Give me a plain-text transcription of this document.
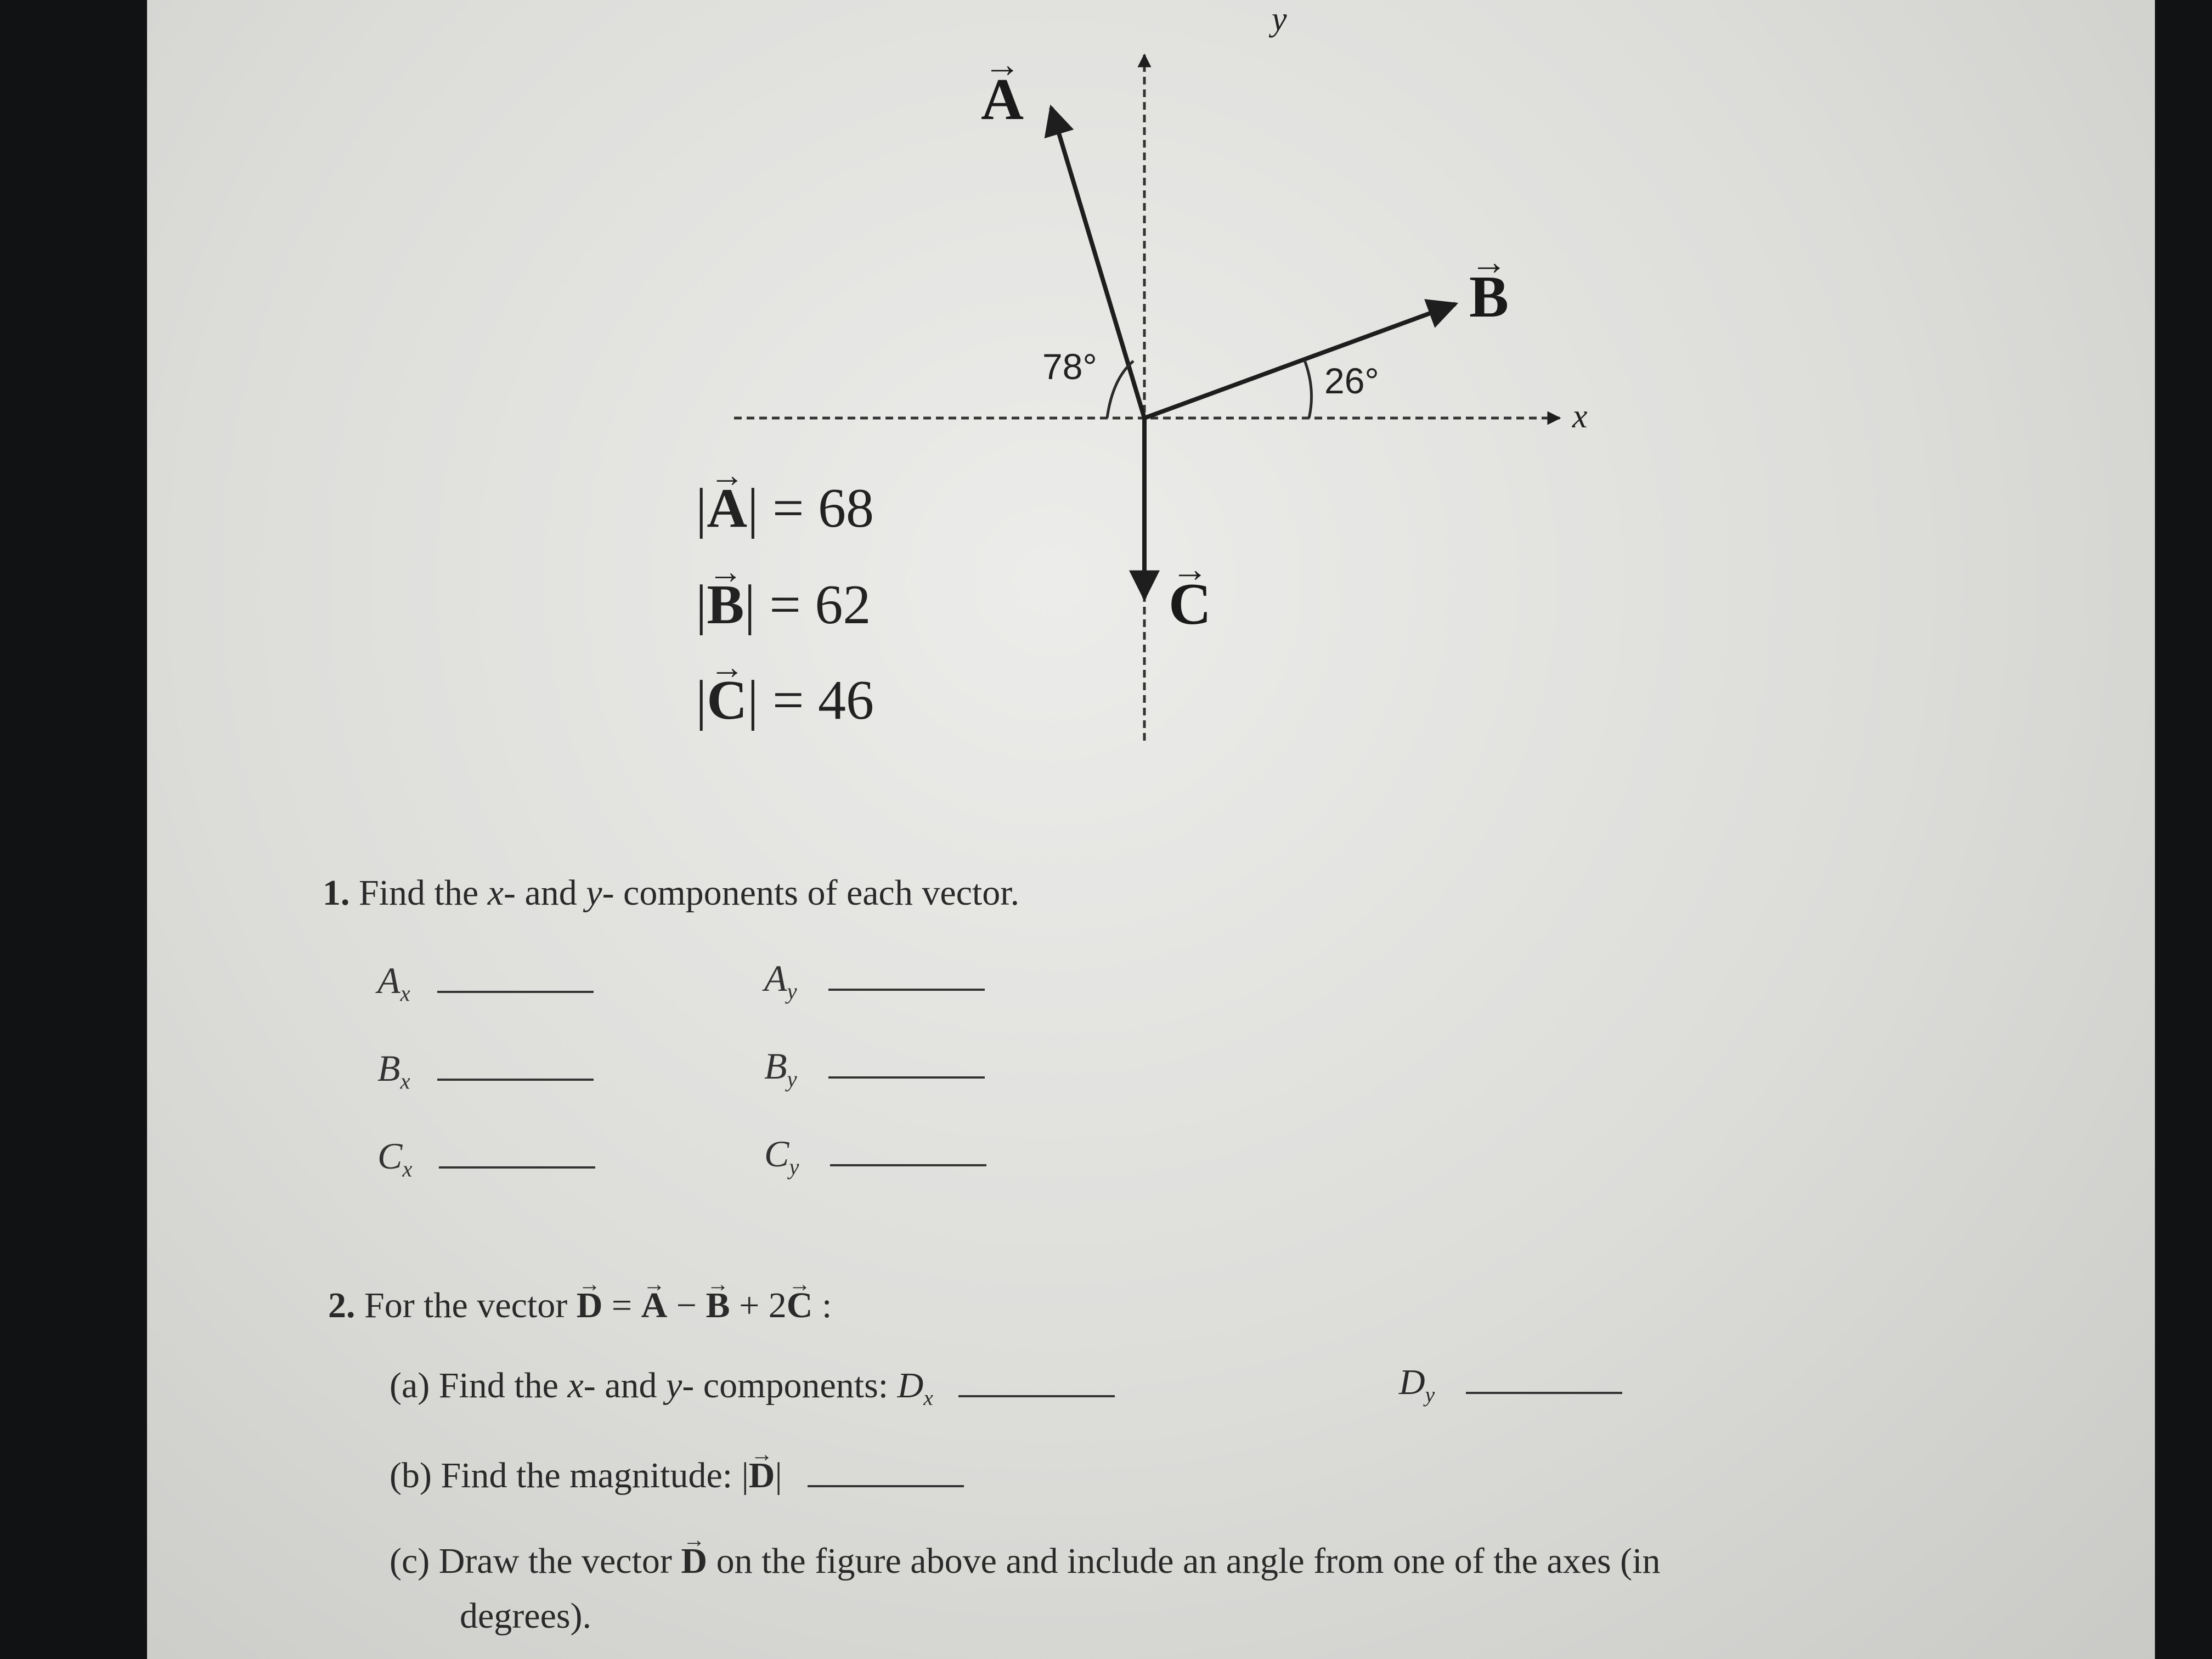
y
x
→ A
→ B
→ C
78°	26°
|→ A| = 68
|→ B| = 62
|→ C| = 46
1. Find the x- and y- components of each vector.
$A_x$	$A_y$
$B_x$	$B_y$
$C_x$	$C_y$
2. For the vector → D = → A − → B + 2→ C :
(a) Find the x- and y- components: $D_x$	$D_y$
(b) Find the magnitude: |→ D|
(c) Draw the vector → D on the figure above and include an angle from one of the axes (in
degrees).
